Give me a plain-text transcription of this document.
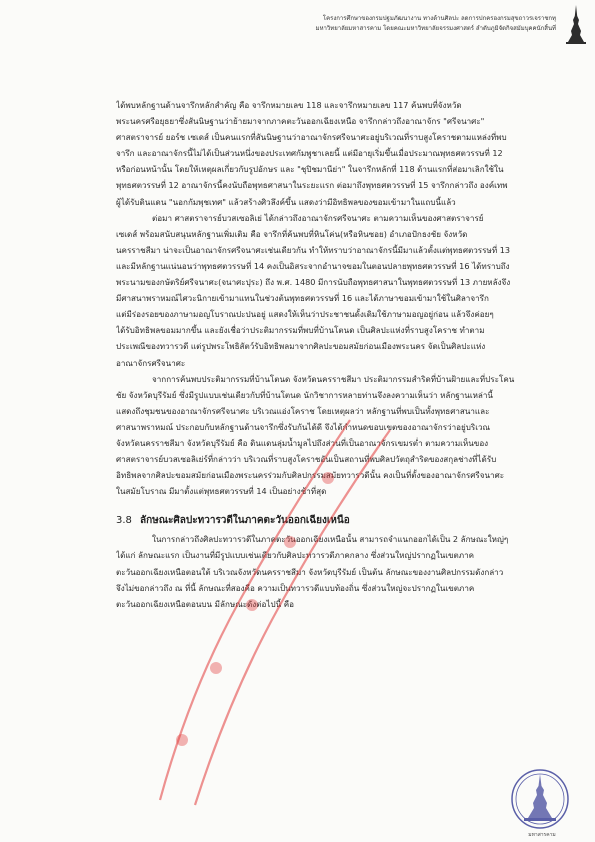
โครงการศึกษาของกรมปฐมภัฒนางาน ทางด้านศิลปะ ลดการปกครองกรมสุขถาวรเจราชกทุ
มหาวิทยาลัยมหาสารคาม โดยคณะมหาวิทยาลัยจรรมงศาสตร์ ลำดับภูมิจัดกิจสมัมบุคคนักสิ้นที่
ได้พบหลักฐานด้านจารึกหลักสำคัญ คือ จารึกหมายเลข 118 และจารึกหมายเลข 117 ค้นพบที่จังหวัด
พระนครศรีอยุธยาซึ่งสันนิษฐานว่าย้ายมาจากภาคตะวันออกเฉียงเหนือ จารึกกล่าวถึงอาณาจักร "ศรีจนาศะ"
ศาสตราจารย์ ยอร์ช เซเดส์ เป็นคนแรกที่สันนิษฐานว่าอาณาจักรศรีจนาศะอยู่บริเวณที่ราบสูงโคราชตามแหล่งที่พบ
จารึก และอาณาจักรนี้ไม่ได้เป็นส่วนหนึ่งของประเทศกัมพูชาเลยนี้ แต่มีอายุเริ่มขึ้นเมื่อประมาณพุทธศตวรรษที่ 12
หรือก่อนหน้านั้น โดยให้เหตุผลเกี่ยวกับรูปอักษร และ "ชุปิชมานีย่า" ในจารึกหลักที่ 118 ด้านแรกที่ส่อมาเลิกใช้ใน
พุทธศตวรรษที่ 12 อาณาจักรนี้คงนับถือพุทธศาสนาในระยะแรก ต่อมาถึงพุทธศตวรรษที่ 15 จารึกกล่าวถึง องค์เทพ
ผู้ได้รับดินแดน "นอกกัมพุชเทศ" แล้วสร้างศิวลึงค์ขึ้น แสดงว่ามีอิทธิพลของขอมเข้ามาในแถบนี้แล้ว
ต่อมา ศาสตราจารย์บวสเซอลิเย่ ได้กล่าวถึงอาณาจักรศรีจนาศะ ตามความเห็นของศาสตราจารย์
เซเดส์ พร้อมสนับสนุนหลักฐานเพิ่มเติม คือ จารึกที่ค้นพบที่หินโค่น(หรือหินซอย) อำเภอปักธงชัย จังหวัด
นครราชสีมา น่าจะเป็นอาณาจักรศรีจนาศะเช่นเดียวกัน ทำให้ทราบว่าอาณาจักรนี้มีมาแล้วตั้งแต่พุทธศตวรรษที่ 13
และมีหลักฐานแน่นอนว่าพุทธศตวรรษที่ 14 คงเป็นอิสระจากอำนาจขอมในตอนปลายพุทธศตวรรษที่ 16 ได้ทราบถึง
พระนามของกษัตริย์ศรีจนาศะ(จนาศะปุระ) ถึง พ.ศ. 1480 มีการนับถือพุทธศาสนาในพุทธศตวรรษที่ 13 ภายหลังจึง
มีศาสนาพราหมณ์ไศวะนิกายเข้ามาแทนในช่วงต้นพุทธศตวรรษที่ 16 และได้ภาษาขอมเข้ามาใช้ในศิลาจารึก
แต่มีร่องรอยของภาษามอญโบราณปะปนอยู่ แสดงให้เห็นว่าประชาชนดั้งเดิมใช้ภาษามอญอยู่ก่อน แล้วจึงค่อยๆ
ได้รับอิทธิพลขอมมากขึ้น และยังเชื่อว่าประติมากรรมที่พบที่บ้านโตนด เป็นศิลปะแห่งที่ราบสูงโคราช ทำตาม
ประเพณีของทวารวดี แต่รูปพระโพธิสัตว์รับอิทธิพลมาจากศิลปะขอมสมัยก่อนเมืองพระนคร จัดเป็นศิลปะแห่ง
อาณาจักรศรีจนาศะ
จากการค้นพบประติมากรรมที่บ้านโตนด จังหวัดนครราชสีมา ประติมากรรมสำริดที่บ้านฝ้ายและที่ประโคน
ชัย จังหวัดบุรีรัมย์ ซึ่งมีรูปแบบเช่นเดียวกับที่บ้านโตนด นักวิชาการหลายท่านจึงลงความเห็นว่า หลักฐานเหล่านี้
แสดงถึงชุมชนของอาณาจักรศรีจนาศะ บริเวณแอ่งโคราช โดยเหตุผลว่า หลักฐานที่พบเป็นทั้งพุทธศาสนาและ
ศาสนาพราหมณ์ ประกอบกับหลักฐานด้านจารึกซึ่งรับกันได้ดี จึงได้กำหนดขอบเขตของอาณาจักรว่าอยู่บริเวณ
จังหวัดนครราชสีมา จังหวัดบุรีรัมย์ คือ ดินแดนลุ่มน้ำมูลไปถึงส่วนที่เป็นอาณาจักรเขมรต่ำ ตามความเห็นของ
ศาสตราจารย์บวสเซอลิเย่ร์ที่กล่าวว่า บริเวณที่ราบสูงโคราชอันเป็นสถานที่พบศิลปวัตถุสำริดของสกุลช่างที่ได้รับ
อิทธิพลจากศิลปะขอมสมัยก่อนเมืองพระนครร่วมกับศิลปกรรมสมัยทวารวดีนั้น คงเป็นที่ตั้งของอาณาจักรศรีจนาศะ
ในสมัยโบราณ มีมาตั้งแต่พุทธศตวรรษที่ 14 เป็นอย่างช้าที่สุด
3.8 ลักษณะศิลปะทวารวดีในภาคตะวันออกเฉียงเหนือ
ในการกล่าวถึงศิลปะทวารวดีในภาคตะวันออกเฉียงเหนือนั้น สามารถจำแนกออกได้เป็น 2 ลักษณะใหญ่ๆ
ได้แก่ ลักษณะแรก เป็นงานที่มีรูปแบบเช่นเดียวกับศิลปะทวารวดีภาคกลาง ซึ่งส่วนใหญ่ปรากฏในเขตภาค
ตะวันออกเฉียงเหนือตอนใต้ บริเวณจังหวัดนครราชสีมา จังหวัดบุรีรัมย์ เป็นต้น ลักษณะของงานศิลปกรรมดังกล่าว
จึงไม่ขอกล่าวถึง ณ ที่นี้ ลักษณะที่สองคือ ความเป็นทวารวดีแบบท้องถิ่น ซึ่งส่วนใหญ่จะปรากฏในเขตภาค
ตะวันออกเฉียงเหนือตอนบน มีลักษณะดังต่อไปนี้ คือ
มหาสารคาม
